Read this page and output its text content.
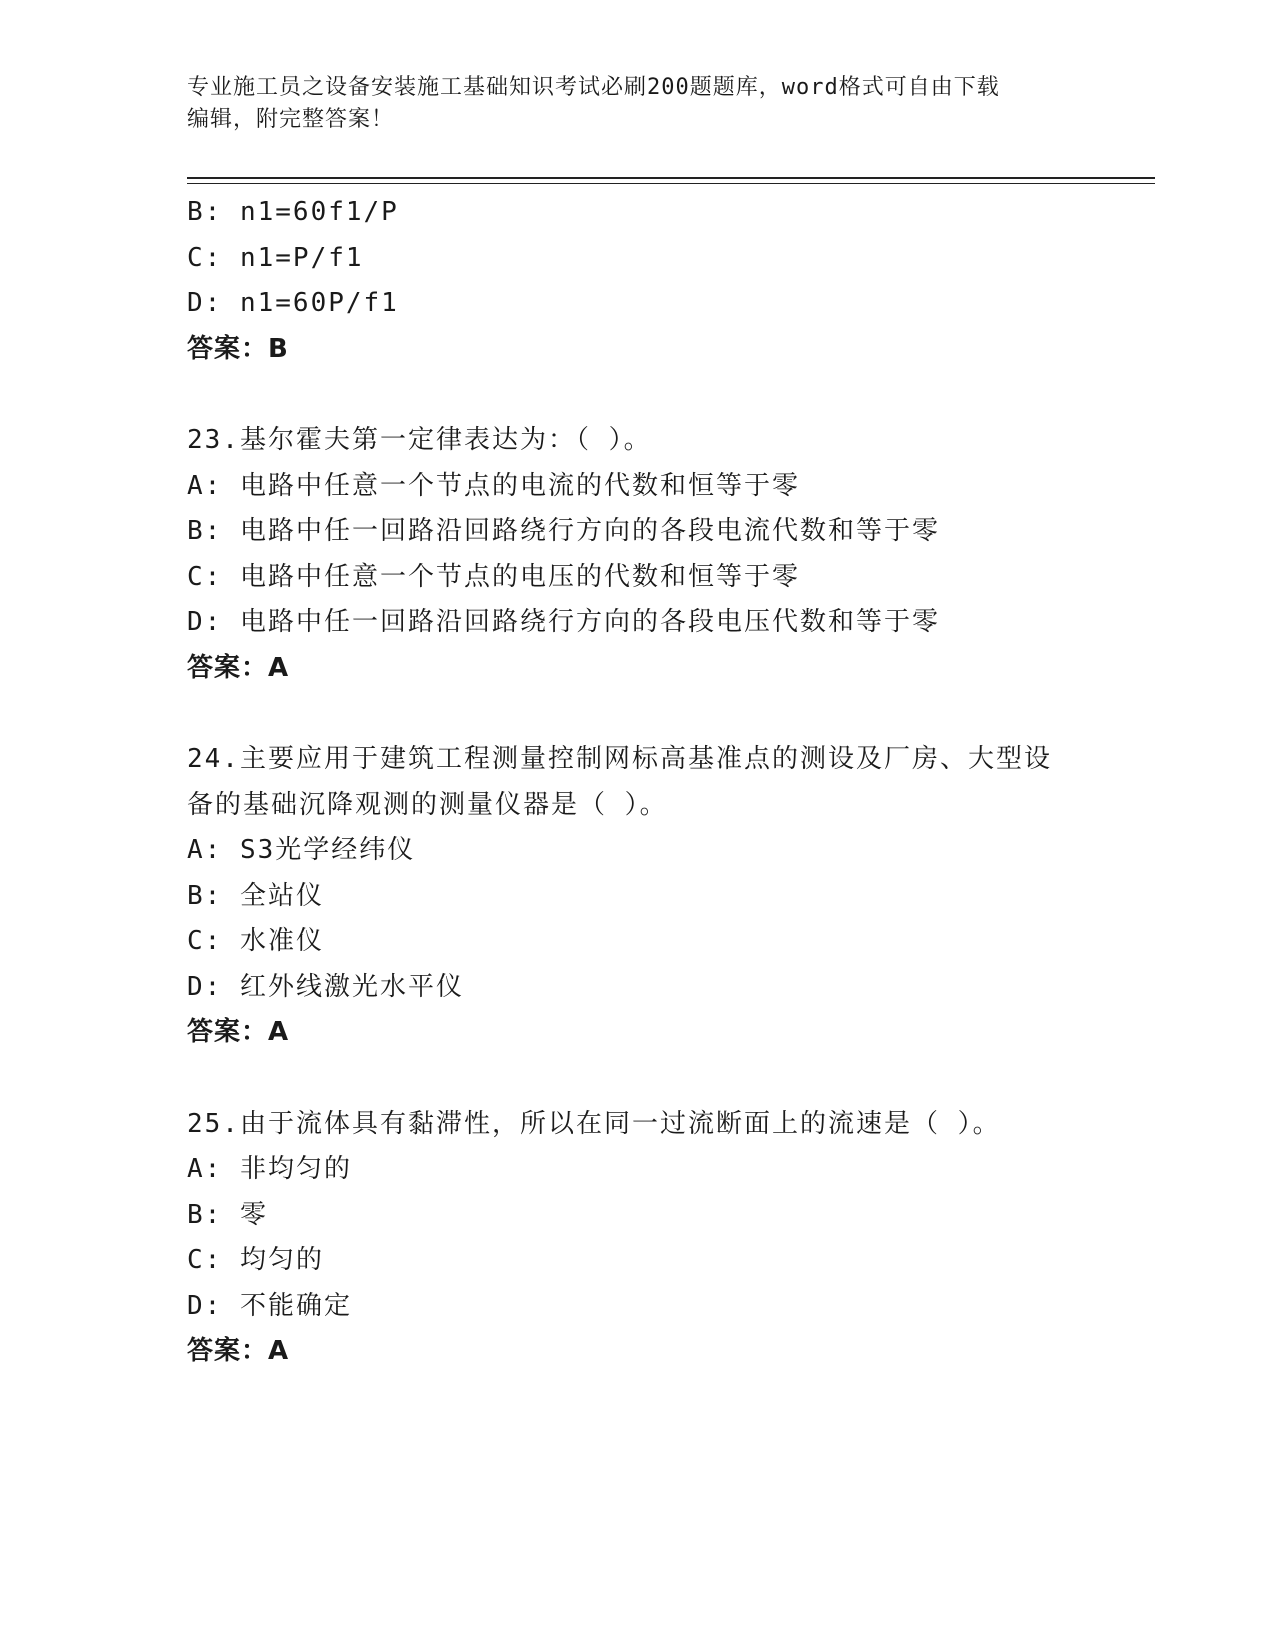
专业施工员之设备安装施工基础知识考试必刷200题题库，word格式可自由下载
编辑，附完整答案！
B: n1=60f1/P
C: n1=P/f1
D: n1=60P/f1
答案：B
23.基尔霍夫第一定律表达为：（ ）。
A: 电路中任意一个节点的电流的代数和恒等于零
B: 电路中任一回路沿回路绕行方向的各段电流代数和等于零
C: 电路中任意一个节点的电压的代数和恒等于零
D: 电路中任一回路沿回路绕行方向的各段电压代数和等于零
答案：A
24.主要应用于建筑工程测量控制网标高基准点的测设及厂房、大型设
备的基础沉降观测的测量仪器是（ ）。
A: S3光学经纬仪
B: 全站仪
C: 水准仪
D: 红外线激光水平仪
答案：A
25.由于流体具有黏滞性，所以在同一过流断面上的流速是（ ）。
A: 非均匀的
B: 零
C: 均匀的
D: 不能确定
答案：A
